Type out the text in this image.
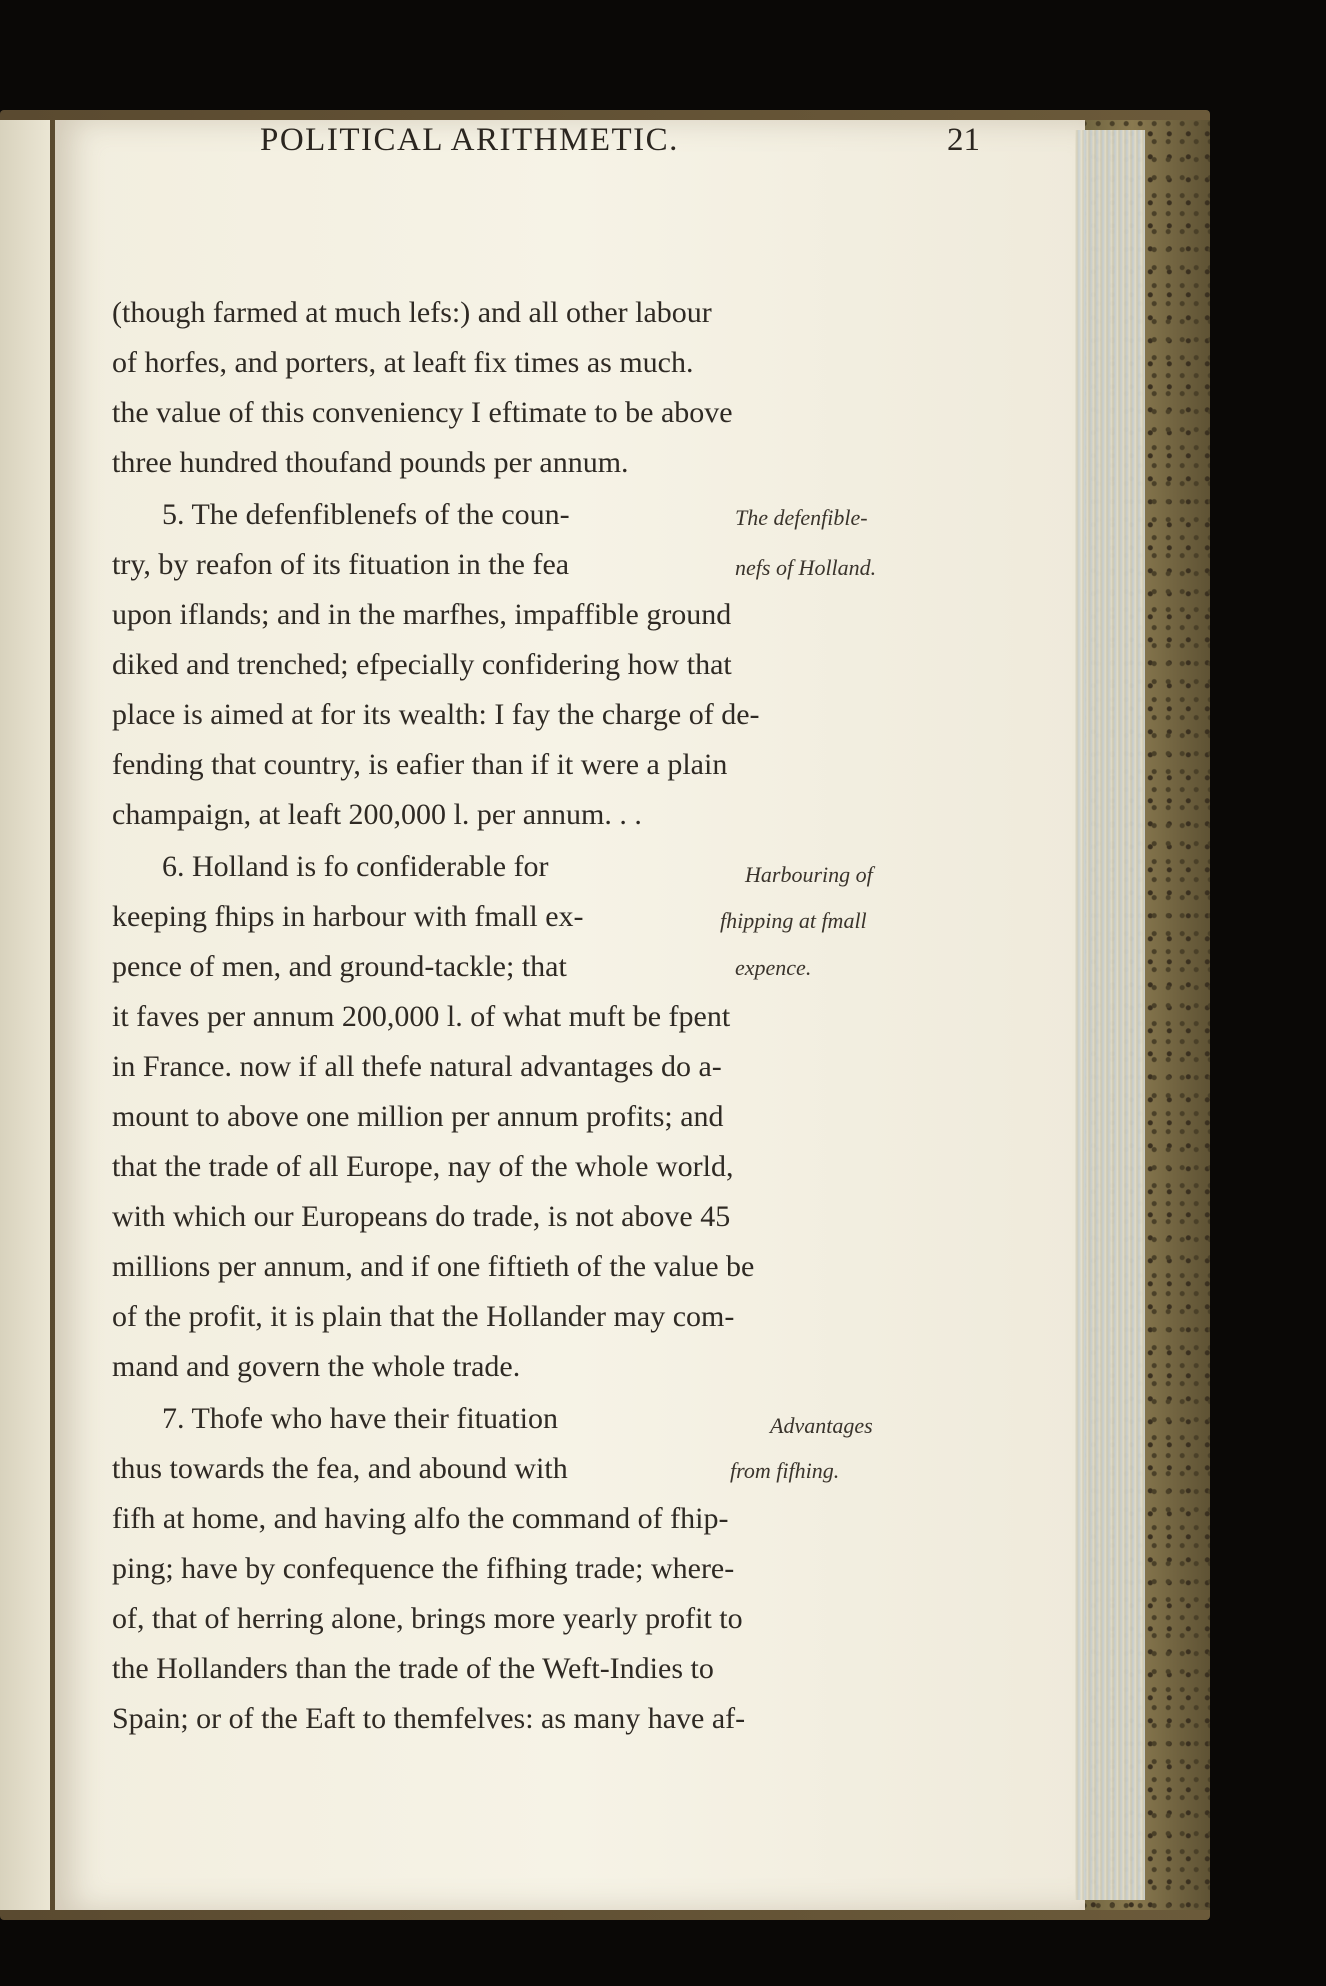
POLITICAL ARITHMETIC.	21
(though farmed at much lefs:) and all other labour
of horfes, and porters, at leaft fix times as much.
the value of this conveniency I eftimate to be above
three hundred thoufand pounds per annum.
5. The defenfiblenefs of the coun-
try, by reafon of its fituation in the fea
upon iflands; and in the marfhes, impaffible ground
diked and trenched; efpecially confidering how that
place is aimed at for its wealth: I fay the charge of de-
fending that country, is eafier than if it were a plain
champaign, at leaft 200,000 l. per annum. . .
6. Holland is fo confiderable for
keeping fhips in harbour with fmall ex-
pence of men, and ground-tackle; that
it faves per annum 200,000 l. of what muft be fpent
in France. now if all thefe natural advantages do a-
mount to above one million per annum profits; and
that the trade of all Europe, nay of the whole world,
with which our Europeans do trade, is not above 45
millions per annum, and if one fiftieth of the value be
of the profit, it is plain that the Hollander may com-
mand and govern the whole trade.
7. Thofe who have their fituation
thus towards the fea, and abound with
fifh at home, and having alfo the command of fhip-
ping; have by confequence the fifhing trade; where-
of, that of herring alone, brings more yearly profit to
the Hollanders than the trade of the Weft-Indies to
Spain; or of the Eaft to themfelves: as many have af-
The defenfible-
nefs of Holland.
Harbouring of
fhipping at fmall
expence.
Advantages
from fifhing.
